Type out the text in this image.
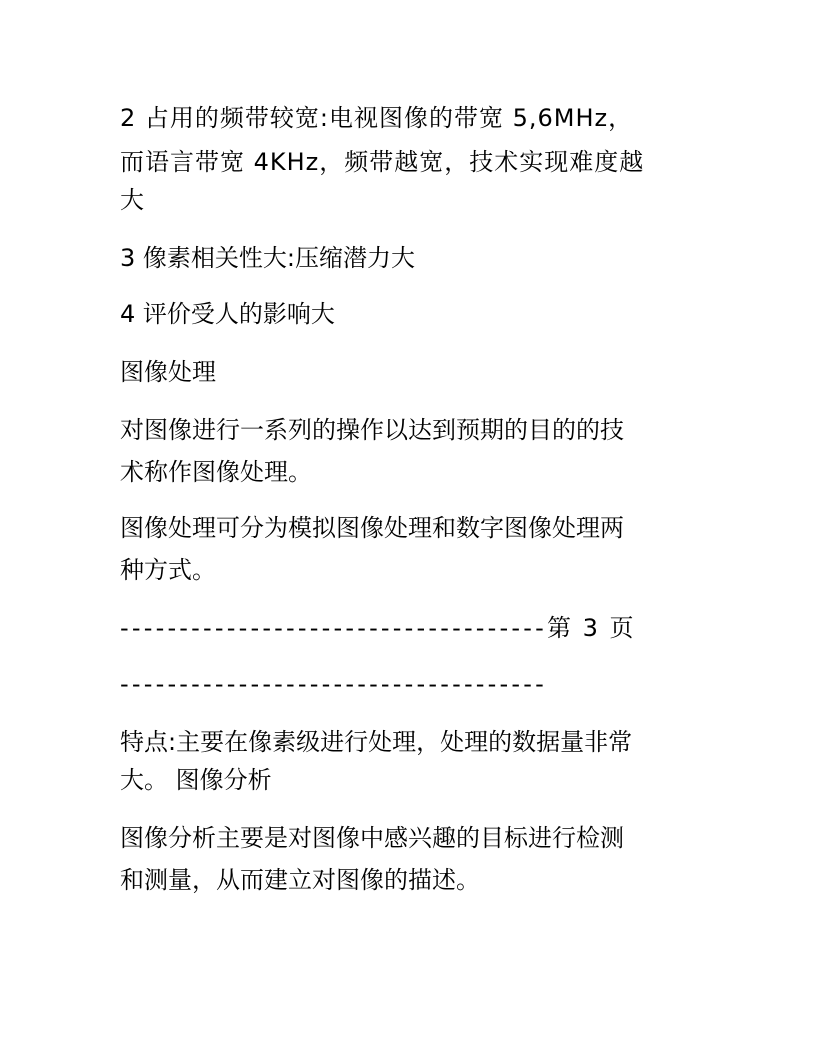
2 占用的频带较宽:电视图像的带宽 5,6MHz，

而语言带宽 4KHz，频带越宽，技术实现难度越

大

3 像素相关性大:压缩潜力大

4 评价受人的影响大

图像处理

对图像进行一系列的操作以达到预期的目的的技

术称作图像处理。

图像处理可分为模拟图像处理和数字图像处理两

种方式。

------------------------------------第 3 页

------------------------------------

特点:主要在像素级进行处理，处理的数据量非常

大。 图像分析

图像分析主要是对图像中感兴趣的目标进行检测

和测量，从而建立对图像的描述。
